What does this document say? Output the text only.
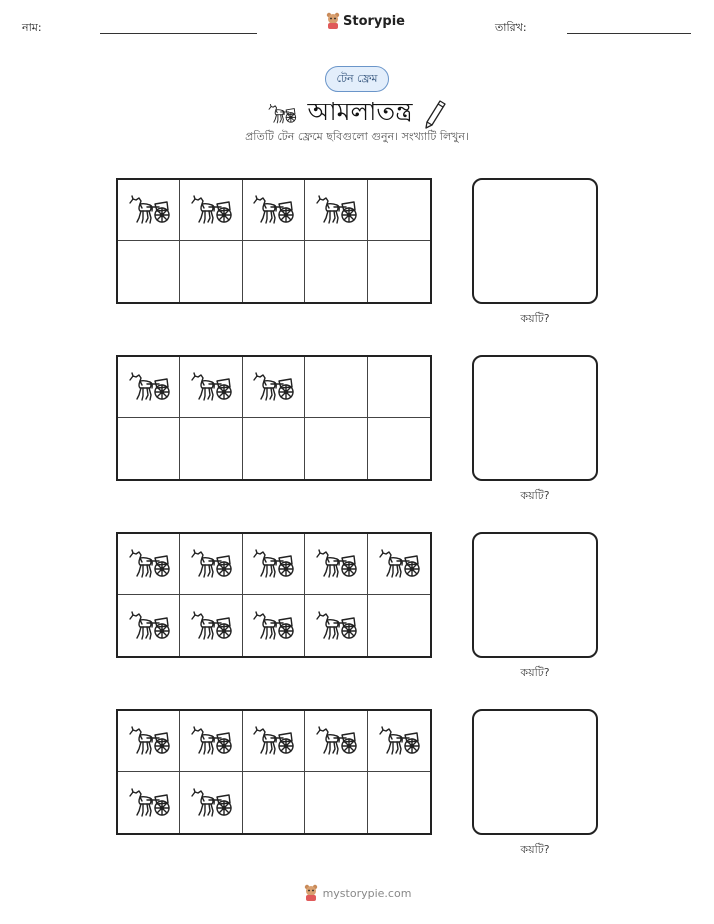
নাম:	Storypie	তারিখ:
টেন ফ্রেম
আমলাতন্ত্র
প্রতিটি টেন ফ্রেমে ছবিগুলো গুনুন। সংখ্যাটি লিখুন।
কয়টি?
কয়টি?
কয়টি?
কয়টি?
mystorypie.com
